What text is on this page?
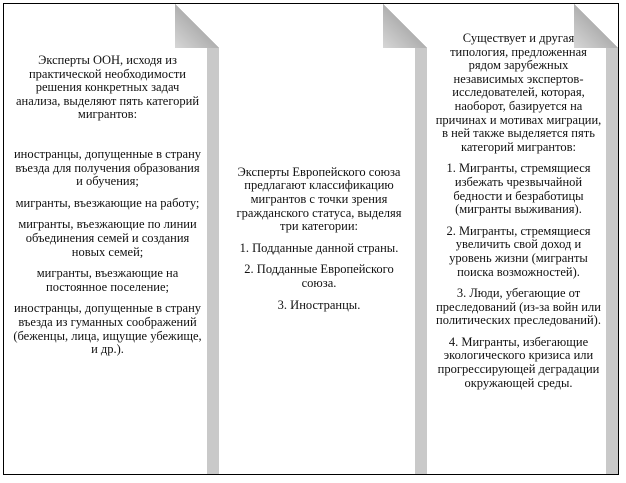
Эксперты ООН, исходя из практической необходимости решения конкретных задач анализа, выделяют пять категорий мигрантов:

иностранцы, допущенные в страну въезда для получения образования и обучения;

мигранты, въезжающие на работу;

мигранты, въезжающие по линии объединения семей и создания новых семей;

мигранты, въезжающие на постоянное поселение;

иностранцы, допущенные в страну въезда из гуманных соображений (беженцы, лица, ищущие убежище, и др.).

Эксперты Европейского союза предлагают классификацию мигрантов с точки зрения гражданского статуса, выделяя три категории:

1. Подданные данной страны.

2. Подданные Европейского союза.

3. Иностранцы.

Существует и другая типология, предложенная рядом зарубежных независимых экспертов-исследователей, которая, наоборот, базируется на причинах и мотивах миграции, в ней также выделяется пять категорий мигрантов:

1. Мигранты, стремящиеся избежать чрезвычайной бедности и безработицы (мигранты выживания).

2. Мигранты, стремящиеся увеличить свой доход и уровень жизни (мигранты поиска возможностей).

3. Люди, убегающие от преследований (из-за войн или политических преследований).

4. Мигранты, избегающие экологического кризиса или прогрессирующей деградации окружающей среды.
